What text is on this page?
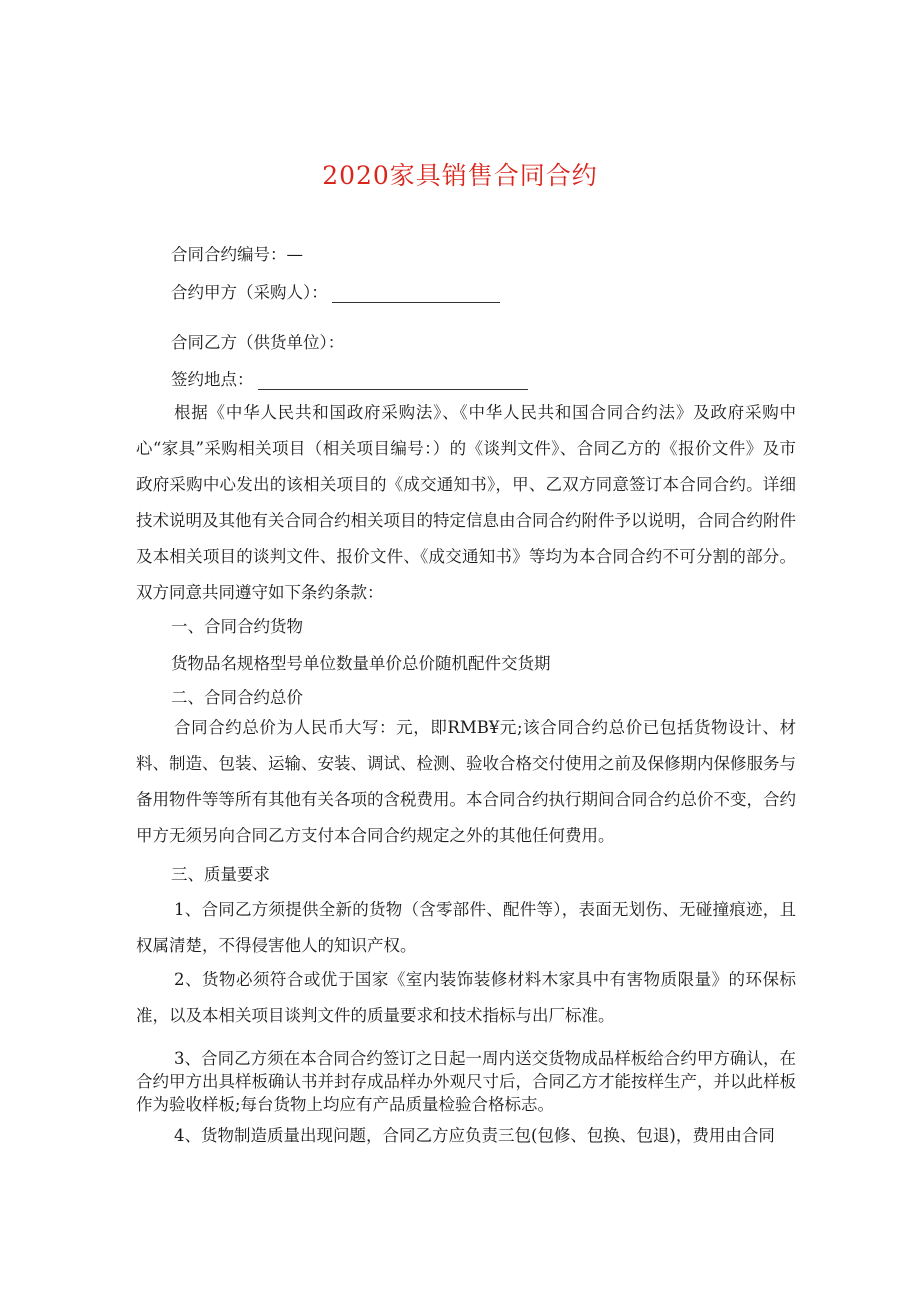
2020家具销售合同合约
合同合约编号：—
合约甲方（采购人）：
合同乙方（供货单位）：
签约地点：
根据《中华人民共和国政府采购法》、《中华人民共和国合同合约法》及政府采购中心“家具”采购相关项目（相关项目编号：）的《谈判文件》、合同乙方的《报价文件》及市政府采购中心发出的该相关项目的《成交通知书》，甲、乙双方同意签订本合同合约。详细技术说明及其他有关合同合约相关项目的特定信息由合同合约附件予以说明，合同合约附件及本相关项目的谈判文件、报价文件、《成交通知书》等均为本合同合约不可分割的部分。双方同意共同遵守如下条约条款：
一、合同合约货物
货物品名规格型号单位数量单价总价随机配件交货期
二、合同合约总价
合同合约总价为人民币大写：元，即RMB¥元;该合同合约总价已包括货物设计、材料、制造、包装、运输、安装、调试、检测、验收合格交付使用之前及保修期内保修服务与备用物件等等所有其他有关各项的含税费用。本合同合约执行期间合同合约总价不变，合约甲方无须另向合同乙方支付本合同合约规定之外的其他任何费用。
三、质量要求
1、合同乙方须提供全新的货物（含零部件、配件等），表面无划伤、无碰撞痕迹，且权属清楚，不得侵害他人的知识产权。
2、货物必须符合或优于国家《室内装饰装修材料木家具中有害物质限量》的环保标准，以及本相关项目谈判文件的质量要求和技术指标与出厂标准。
3、合同乙方须在本合同合约签订之日起一周内送交货物成品样板给合约甲方确认，在合约甲方出具样板确认书并封存成品样办外观尺寸后，合同乙方才能按样生产，并以此样板作为验收样板;每台货物上均应有产品质量检验合格标志。
4、货物制造质量出现问题，合同乙方应负责三包(包修、包换、包退)，费用由合同
